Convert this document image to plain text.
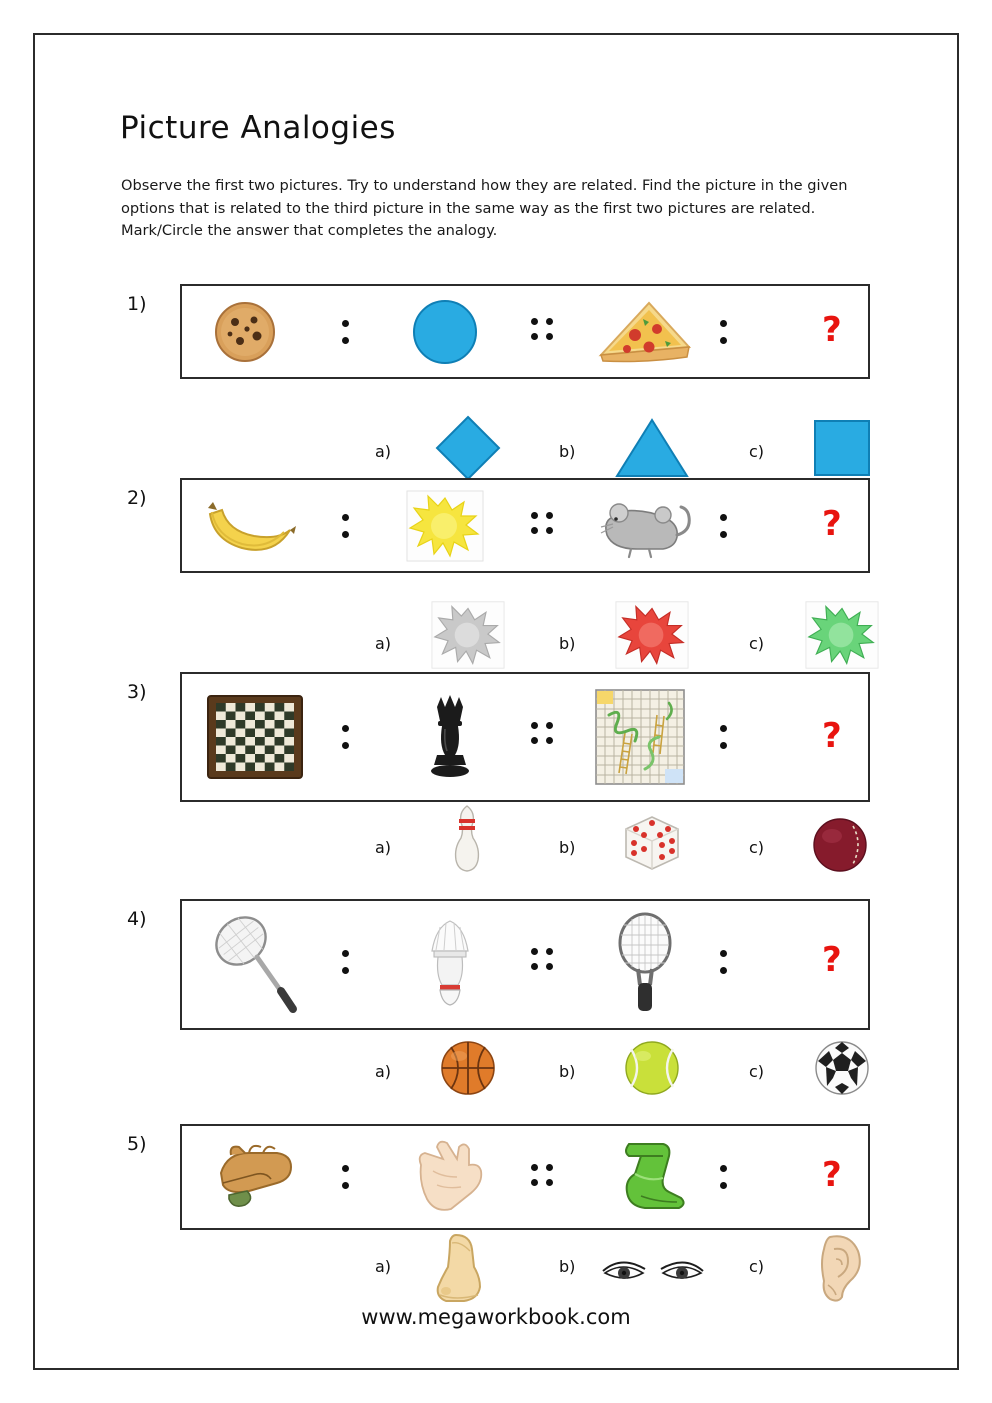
Picture Analogies
Observe the first two pictures. Try to understand how they are related. Find the picture in the given options that is related to the third picture in the same way as the first two pictures are related. Mark/Circle the answer that completes the analogy.
1)
?
a)	b)	c)
2)
?
a)	b)	c)
3)
?
a)	b)	c)
4)
?
a)	b)	c)
5)
?
a)	b)	c)
www.megaworkbook.com
